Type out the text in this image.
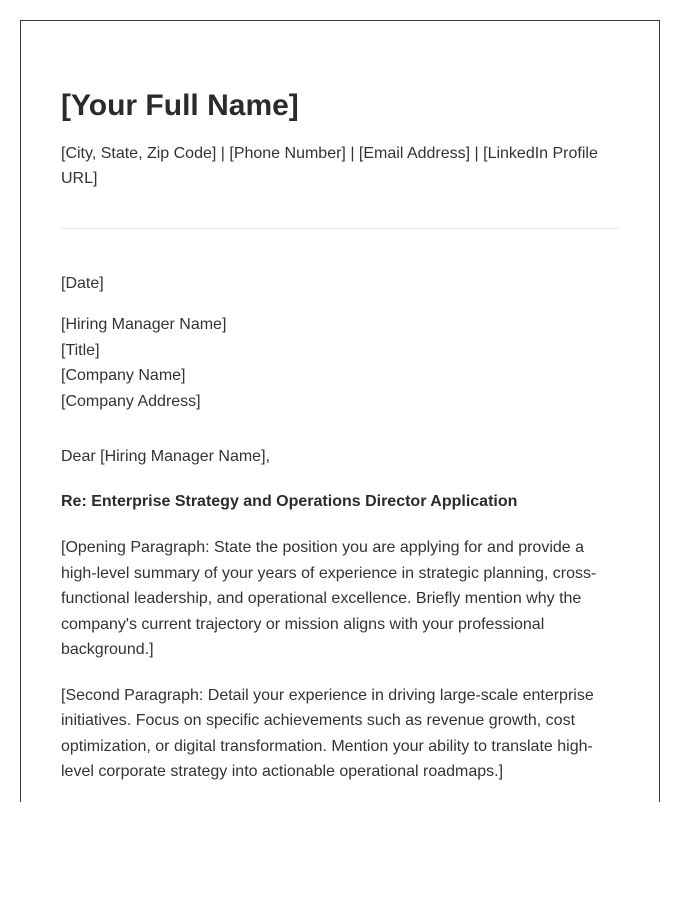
[Your Full Name]
[City, State, Zip Code] | [Phone Number] | [Email Address] | [LinkedIn Profile URL]
[Date]
[Hiring Manager Name]
[Title]
[Company Name]
[Company Address]
Dear [Hiring Manager Name],
Re: Enterprise Strategy and Operations Director Application
[Opening Paragraph: State the position you are applying for and provide a high-level summary of your years of experience in strategic planning, cross-functional leadership, and operational excellence. Briefly mention why the company's current trajectory or mission aligns with your professional background.]
[Second Paragraph: Detail your experience in driving large-scale enterprise initiatives. Focus on specific achievements such as revenue growth, cost optimization, or digital transformation. Mention your ability to translate high-level corporate strategy into actionable operational roadmaps.]
